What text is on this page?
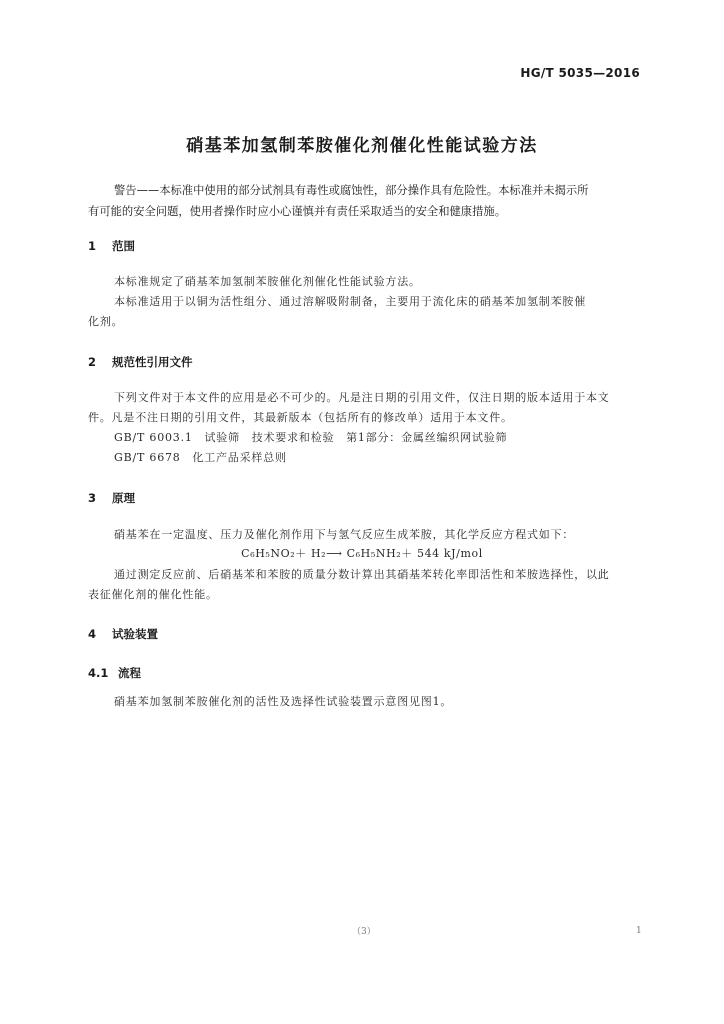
HG/T 5035—2016
硝基苯加氢制苯胺催化剂催化性能试验方法

警告——本标准中使用的部分试剂具有毒性或腐蚀性，部分操作具有危险性。本标准并未揭示所

有可能的安全问题，使用者操作时应小心谨慎并有责任采取适当的安全和健康措施。

1 范围

本标准规定了硝基苯加氢制苯胺催化剂催化性能试验方法。

本标准适用于以铜为活性组分、通过溶解吸附制备，主要用于流化床的硝基苯加氢制苯胺催

化剂。

2 规范性引用文件

下列文件对于本文件的应用是必不可少的。凡是注日期的引用文件，仅注日期的版本适用于本文

件。凡是不注日期的引用文件，其最新版本（包括所有的修改单）适用于本文件。

GB/T 6003.1　试验筛　技术要求和检验　第1部分：金属丝编织网试验筛

GB/T 6678　化工产品采样总则

3 原理

硝基苯在一定温度、压力及催化剂作用下与氢气反应生成苯胺，其化学反应方程式如下：

C₆H₅NO₂＋ H₂⟶ C₆H₅NH₂＋ 544 kJ/mol

通过测定反应前、后硝基苯和苯胺的质量分数计算出其硝基苯转化率即活性和苯胺选择性，以此

表征催化剂的催化性能。

4 试验装置
4.1 流程

硝基苯加氢制苯胺催化剂的活性及选择性试验装置示意图见图1。

（3）	1
